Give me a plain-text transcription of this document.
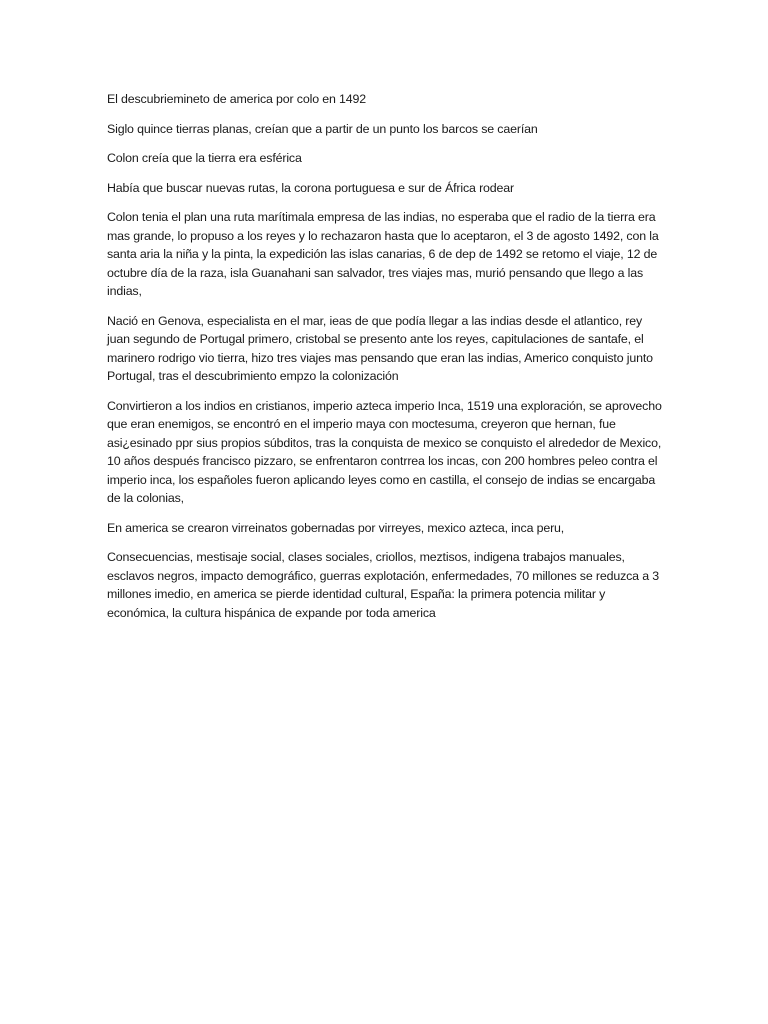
El descubriemineto de america por colo en 1492

Siglo quince tierras planas, creían que a partir de un punto los barcos se caerían

Colon creía que la tierra era esférica

Había que buscar nuevas rutas, la corona portuguesa e sur de África rodear

Colon tenia el plan una ruta marítimala empresa de las indias, no esperaba que el radio de la tierra era mas grande, lo propuso a los reyes y lo rechazaron hasta que lo aceptaron, el 3 de agosto 1492, con la santa aria la niña y la pinta, la expedición las islas canarias, 6 de dep de 1492 se retomo el viaje, 12 de octubre día de la raza, isla Guanahani san salvador, tres viajes mas, murió pensando que llego a las indias,

Nació en Genova, especialista en el mar, ieas de que podía llegar a las indias desde el atlantico, rey juan segundo de Portugal primero, cristobal se presento ante los reyes, capitulaciones de santafe, el marinero rodrigo vio tierra, hizo tres viajes mas pensando que eran las indias, Americo conquisto junto Portugal, tras el descubrimiento empzo la colonización

Convirtieron a los indios en cristianos, imperio azteca imperio Inca, 1519 una exploración, se aprovecho que eran enemigos, se encontró en el imperio maya con moctesuma, creyeron que hernan, fue asi¿esinado ppr sius propios súbditos, tras la conquista de mexico se conquisto el alrededor de Mexico, 10 años después francisco pizzaro, se enfrentaron contrrea los incas, con 200 hombres peleo contra el imperio inca, los españoles fueron aplicando leyes como en castilla, el consejo de indias se encargaba de la colonias,

En america se crearon virreinatos gobernadas por virreyes, mexico azteca, inca peru,

Consecuencias, mestisaje social, clases sociales, criollos, meztisos, indigena trabajos manuales, esclavos negros, impacto demográfico, guerras explotación, enfermedades, 70 millones se reduzca a 3 millones imedio, en america se pierde identidad cultural, España: la primera potencia militar y económica, la cultura hispánica de expande por toda america
